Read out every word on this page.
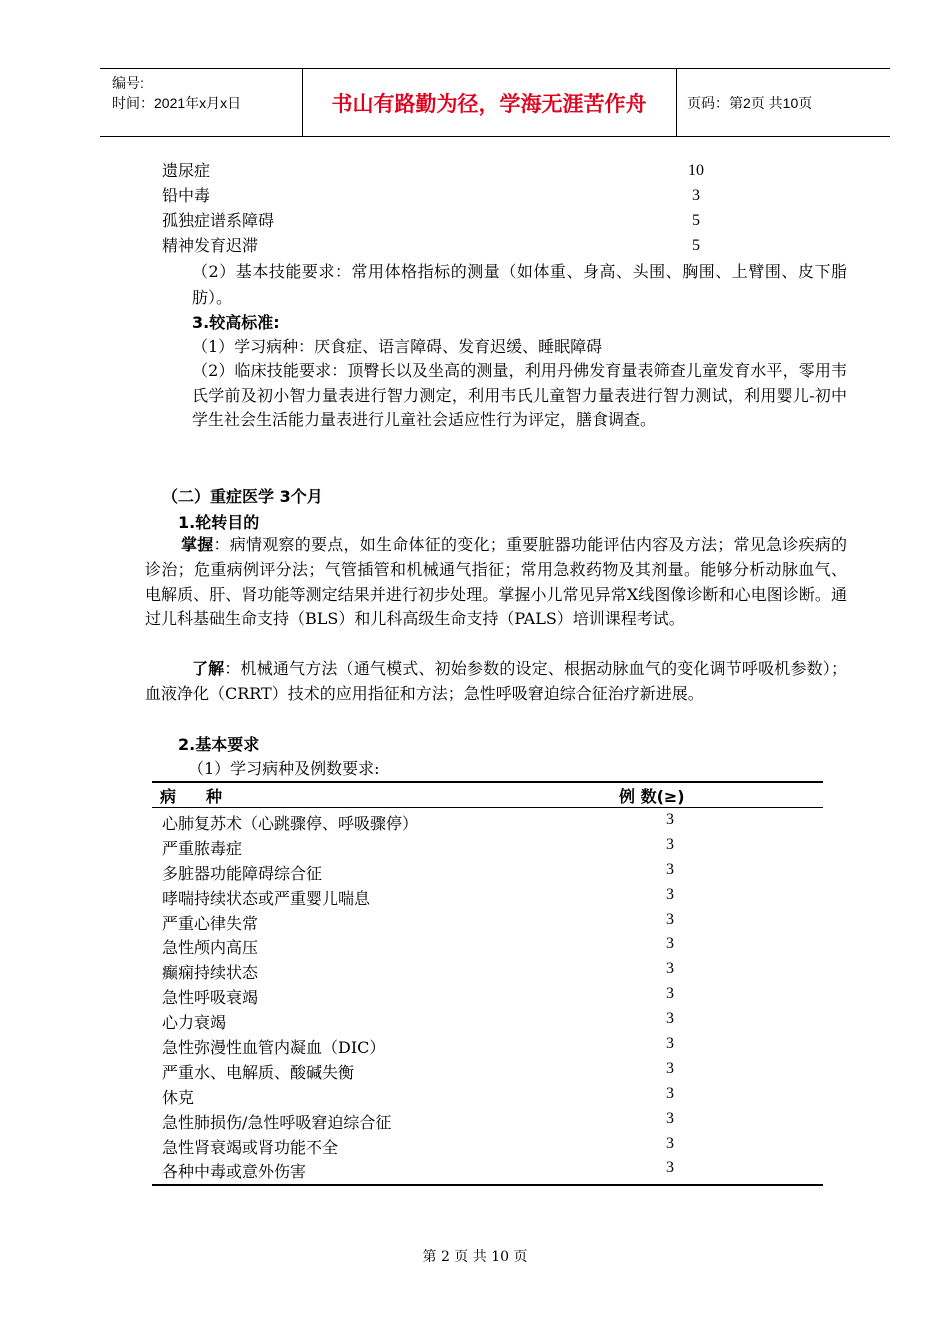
编号:
时间：2021年x月x日	书山有路勤为径，学海无涯苦作舟	页码：第2页 共10页
遗尿症	10
铅中毒	3
孤独症谱系障碍	5
精神发育迟滞	5
（2）基本技能要求：常用体格指标的测量（如体重、身高、头围、胸围、上臂围、皮下脂肪）。
3.较高标准:
（1）学习病种：厌食症、语言障碍、发育迟缓、睡眠障碍
（2）临床技能要求：顶臀长以及坐高的测量，利用丹佛发育量表筛查儿童发育水平，零用韦氏学前及初小智力量表进行智力测定，利用韦氏儿童智力量表进行智力测试，利用婴儿-初中学生社会生活能力量表进行儿童社会适应性行为评定，膳食调查。
（二）重症医学 3个月
1.轮转目的
掌握：病情观察的要点，如生命体征的变化；重要脏器功能评估内容及方法；常见急诊疾病的诊治；危重病例评分法；气管插管和机械通气指征；常用急救药物及其剂量。能够分析动脉血气、电解质、肝、肾功能等测定结果并进行初步处理。掌握小儿常见异常X线图像诊断和心电图诊断。通过儿科基础生命支持（BLS）和儿科高级生命支持（PALS）培训课程考试。
了解：机械通气方法（通气模式、初始参数的设定、根据动脉血气的变化调节呼吸机参数）；血液净化（CRRT）技术的应用指征和方法；急性呼吸窘迫综合征治疗新进展。
2.基本要求
（1）学习病种及例数要求:
病种	例 数(≥)
心肺复苏术（心跳骤停、呼吸骤停）	3
严重脓毒症	3
多脏器功能障碍综合征	3
哮喘持续状态或严重婴儿喘息	3
严重心律失常	3
急性颅内高压	3
癫痫持续状态	3
急性呼吸衰竭	3
心力衰竭	3
急性弥漫性血管内凝血（DIC）	3
严重水、电解质、酸碱失衡	3
休克	3
急性肺损伤/急性呼吸窘迫综合征	3
急性肾衰竭或肾功能不全	3
各种中毒或意外伤害	3
第 2 页 共 10 页
